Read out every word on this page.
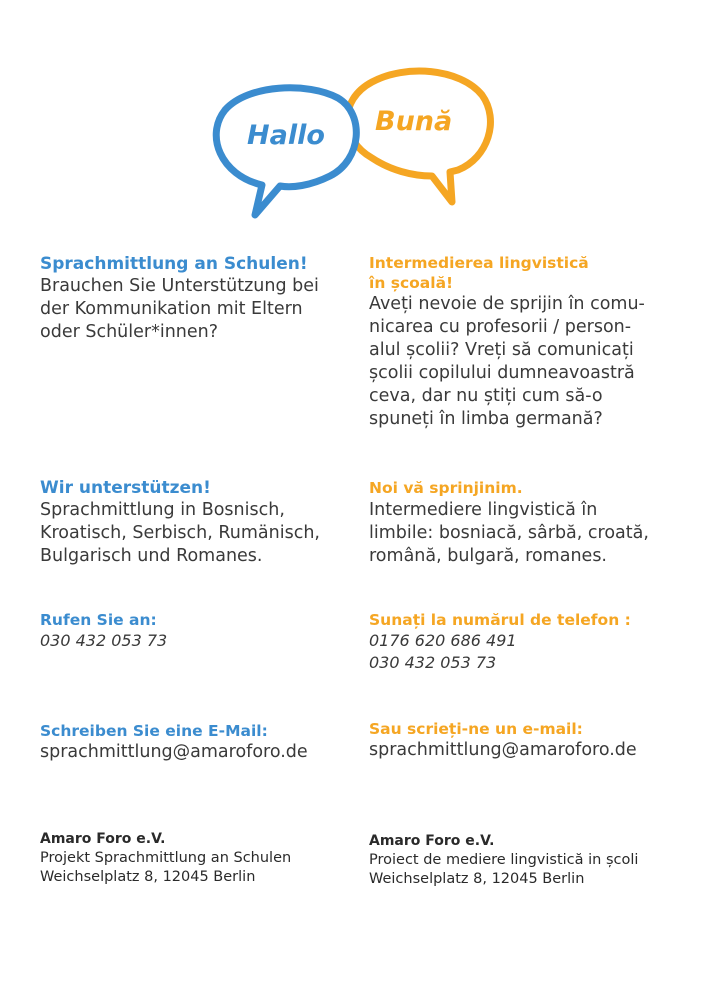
Hallo Bună

Sprachmittlung an Schulen!

Brauchen Sie Unterstützung bei

der Kommunikation mit Eltern

oder Schüler*innen?

Intermedierea lingvistică

în școală!

Aveți nevoie de sprijin în comu-

nicarea cu profesorii / person-

alul școlii? Vreți să comunicați

școlii copilului dumneavoastră

ceva, dar nu știți cum să-o

spuneți în limba germană?

Wir unterstützen!

Sprachmittlung in Bosnisch,

Kroatisch, Serbisch, Rumänisch,

Bulgarisch und Romanes.

Noi vă sprinjinim.

Intermediere lingvistică în

limbile: bosniacă, sârbă, croată,

română, bulgară, romanes.

Rufen Sie an:

030 432 053 73

Sunați la numărul de telefon :

0176 620 686 491

030 432 053 73

Schreiben Sie eine E-Mail:

sprachmittlung@amaroforo.de

Sau scrieți-ne un e-mail:

sprachmittlung@amaroforo.de

Amaro Foro e.V.

Projekt Sprachmittlung an Schulen

Weichselplatz 8, 12045 Berlin

Amaro Foro e.V.

Proiect de mediere lingvistică in școli

Weichselplatz 8, 12045 Berlin
